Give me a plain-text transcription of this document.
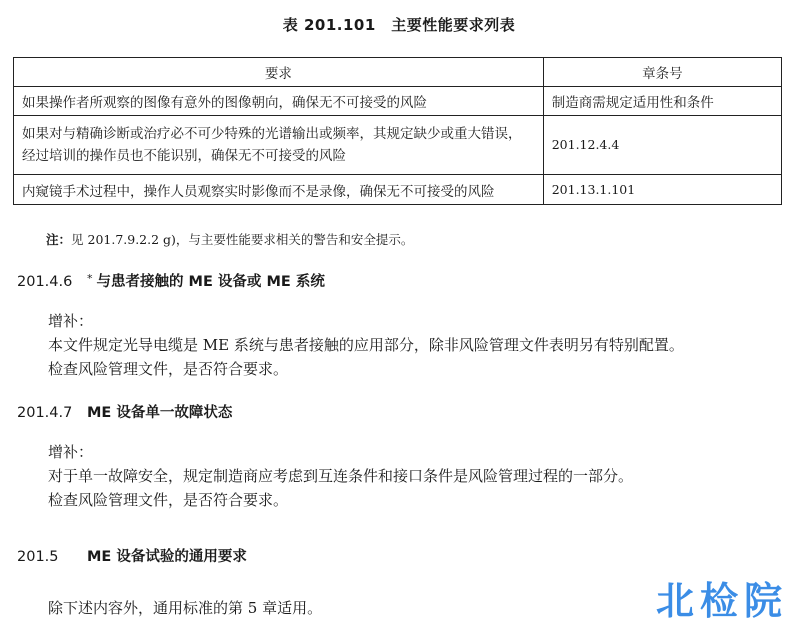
表 201.101　主要性能要求列表
要求	章条号
如果操作者所观察的图像有意外的图像朝向，确保无不可接受的风险	制造商需规定适用性和条件
如果对与精确诊断或治疗必不可少特殊的光谱输出或频率，其规定缺少或重大错误，经过培训的操作员也不能识别，确保无不可接受的风险	201.12.4.4
内窥镜手术过程中，操作人员观察实时影像而不是录像，确保无不可接受的风险	201.13.1.101
注：见 201.7.9.2.2 g)，与主要性能要求相关的警告和安全提示。
201.4.6 * 与患者接触的 ME 设备或 ME 系统
增补：
本文件规定光导电缆是 ME 系统与患者接触的应用部分，除非风险管理文件表明另有特别配置。
检查风险管理文件，是否符合要求。
201.4.7 ME 设备单一故障状态
增补：
对于单一故障安全，规定制造商应考虑到互连条件和接口条件是风险管理过程的一部分。
检查风险管理文件，是否符合要求。
201.5 ME 设备试验的通用要求
除下述内容外，通用标准的第 5 章适用。	北检院
